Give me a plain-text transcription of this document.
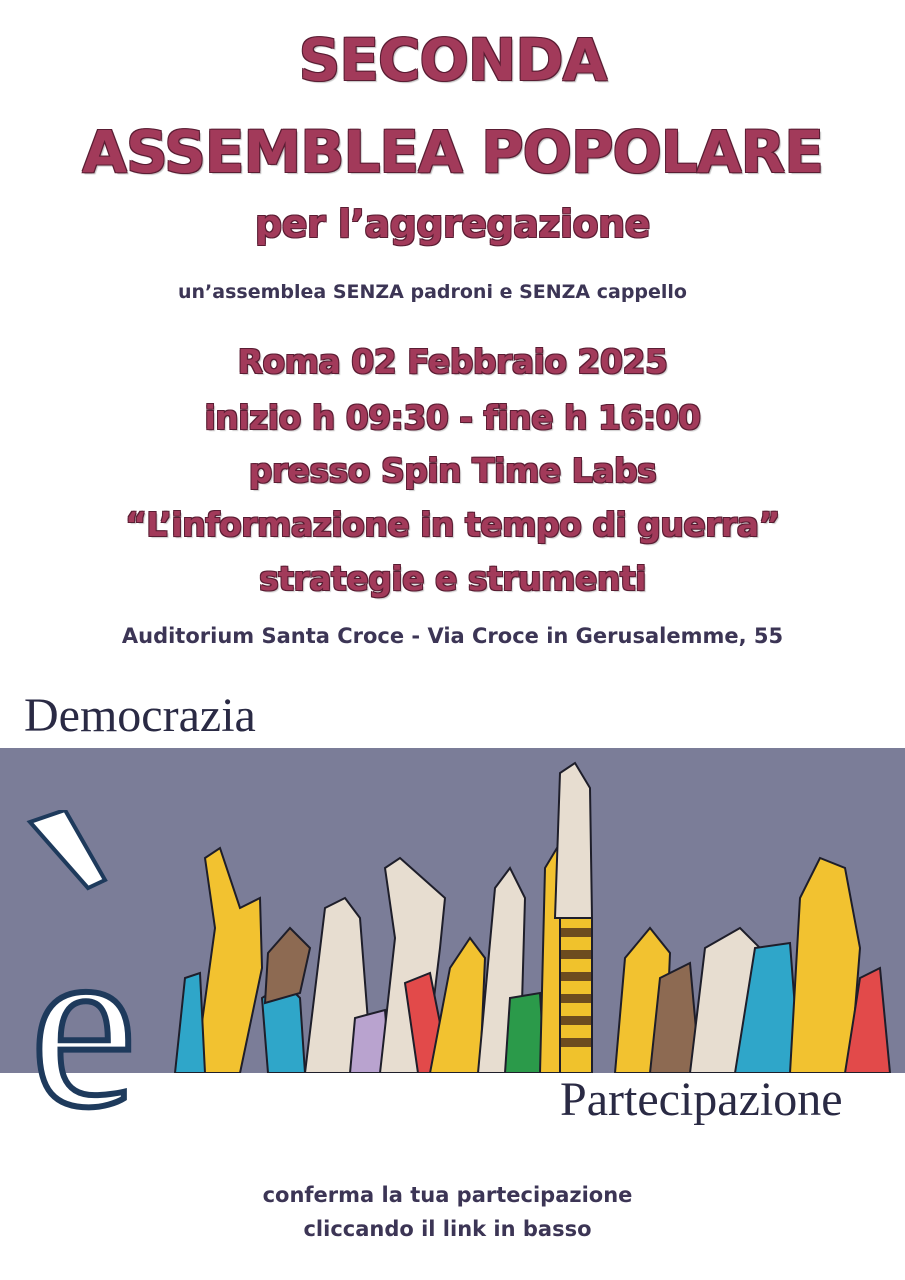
SECONDA
ASSEMBLEA POPOLARE
per l’aggregazione
un’assemblea SENZA padroni e SENZA cappello
Roma 02 Febbraio 2025
inizio h 09:30 - fine h 16:00
presso Spin Time Labs
“L’informazione in tempo di guerra”
strategie e strumenti
Auditorium Santa Croce - Via Croce in Gerusalemme, 55
Democrazia
e	Partecipazione
conferma la tua partecipazione
cliccando il link in basso
